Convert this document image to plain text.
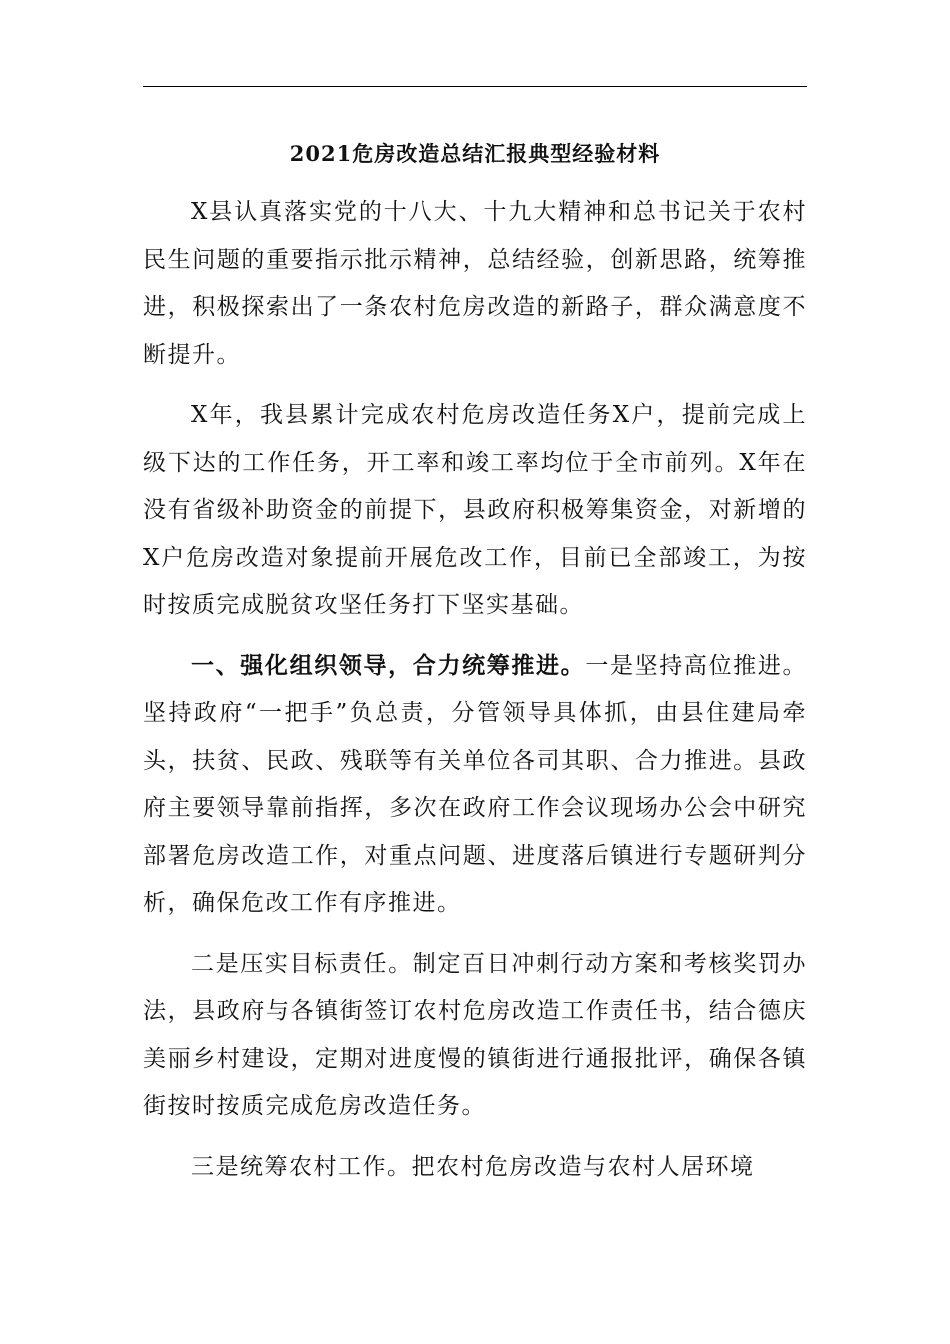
2021危房改造总结汇报典型经验材料

X县认真落实党的十八大、十九大精神和总书记关于农村民生问题的重要指示批示精神，总结经验，创新思路，统筹推进，积极探索出了一条农村危房改造的新路子，群众满意度不断提升。

X年，我县累计完成农村危房改造任务X户，提前完成上级下达的工作任务，开工率和竣工率均位于全市前列。X年在没有省级补助资金的前提下，县政府积极筹集资金，对新增的X户危房改造对象提前开展危改工作，目前已全部竣工，为按时按质完成脱贫攻坚任务打下坚实基础。

一、强化组织领导，合力统筹推进。一是坚持高位推进。坚持政府“一把手”负总责，分管领导具体抓，由县住建局牵头，扶贫、民政、残联等有关单位各司其职、合力推进。县政府主要领导靠前指挥，多次在政府工作会议现场办公会中研究部署危房改造工作，对重点问题、进度落后镇进行专题研判分析，确保危改工作有序推进。

二是压实目标责任。制定百日冲刺行动方案和考核奖罚办法，县政府与各镇街签订农村危房改造工作责任书，结合德庆美丽乡村建设，定期对进度慢的镇街进行通报批评，确保各镇街按时按质完成危房改造任务。

三是统筹农村工作。把农村危房改造与农村人居环境
